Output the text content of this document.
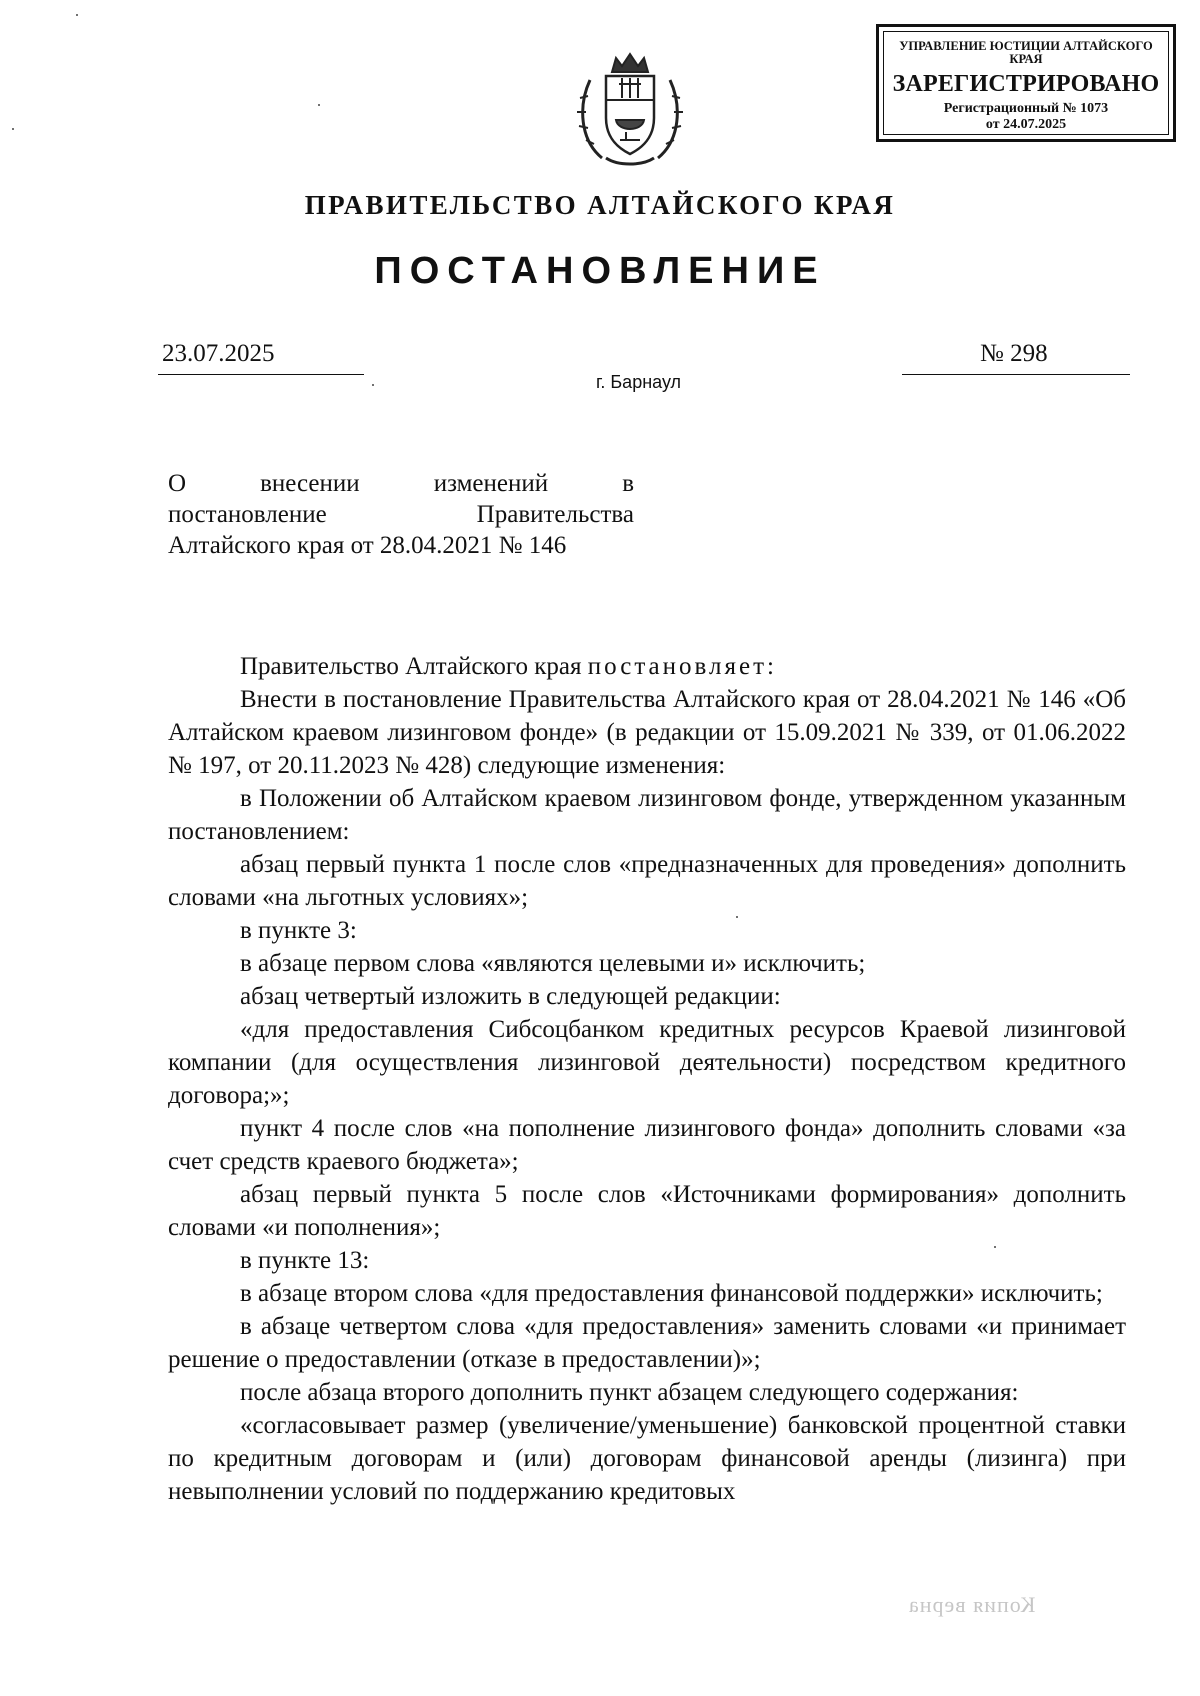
УПРАВЛЕНИЕ ЮСТИЦИИ АЛТАЙСКОГО КРАЯ
ЗАРЕГИСТРИРОВАНО
Регистрационный № 1073
от 24.07.2025
ПРАВИТЕЛЬСТВО АЛТАЙСКОГО КРАЯ
ПОСТАНОВЛЕНИЕ
23.07.2025	№ 298
г. Барнаул
О	внесении	изменений	в
постановление	Правительства
Алтайского края от 28.04.2021 № 146

Правительство Алтайского края постановляет:

Внести в постановление Правительства Алтайского края от 28.04.2021 № 146 «Об Алтайском краевом лизинговом фонде» (в редакции от 15.09.2021 № 339, от 01.06.2022 № 197, от 20.11.2023 № 428) следующие изменения:

в Положении об Алтайском краевом лизинговом фонде, утвержденном указанным постановлением:

абзац первый пункта 1 после слов «предназначенных для проведения» дополнить словами «на льготных условиях»;

в пункте 3:

в абзаце первом слова «являются целевыми и» исключить;

абзац четвертый изложить в следующей редакции:

«для предоставления Сибсоцбанком кредитных ресурсов Краевой лизинговой компании (для осуществления лизинговой деятельности) посредством кредитного договора;»;

пункт 4 после слов «на пополнение лизингового фонда» дополнить словами «за счет средств краевого бюджета»;

абзац первый пункта 5 после слов «Источниками формирования» дополнить словами «и пополнения»;

в пункте 13:

в абзаце втором слова «для предоставления финансовой поддержки» исключить;

в абзаце четвертом слова «для предоставления» заменить словами «и принимает решение о предоставлении (отказе в предоставлении)»;

после абзаца второго дополнить пункт абзацем следующего содержания:

«согласовывает размер (увеличение/уменьшение) банковской процентной ставки по кредитным договорам и (или) договорам финансовой аренды (лизинга) при невыполнении условий по поддержанию кредитовых

Копия верна
